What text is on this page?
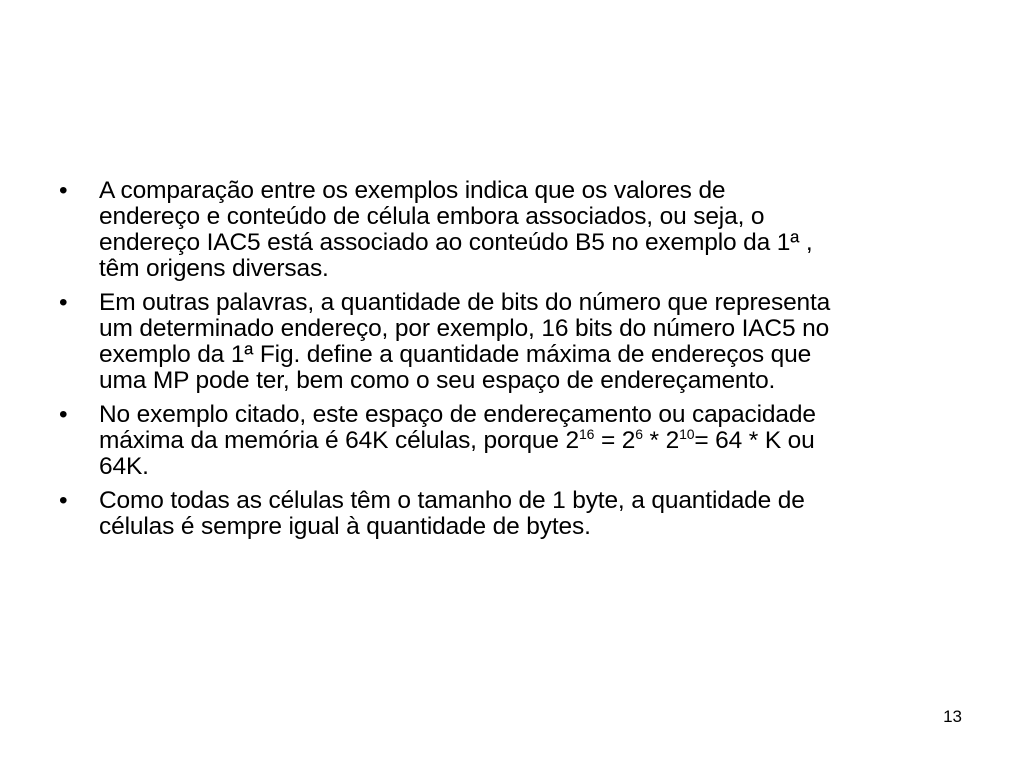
• A comparação entre os exemplos indica que os valores de
endereço e conteúdo de célula embora associados, ou seja, o
endereço IAC5 está associado ao conteúdo B5 no exemplo da 1ª ,
têm origens diversas.
• Em outras palavras, a quantidade de bits do número que representa
um determinado endereço, por exemplo, 16 bits do número IAC5 no
exemplo da 1ª Fig. define a quantidade máxima de endereços que
uma MP pode ter, bem como o seu espaço de endereçamento.
• No exemplo citado, este espaço de endereçamento ou capacidade
máxima da memória é 64K células, porque $2^{16} = 2^6 * 2^{10}= 64 * K$ ou
64K.
• Como todas as células têm o tamanho de 1 byte, a quantidade de
células é sempre igual à quantidade de bytes.
13
